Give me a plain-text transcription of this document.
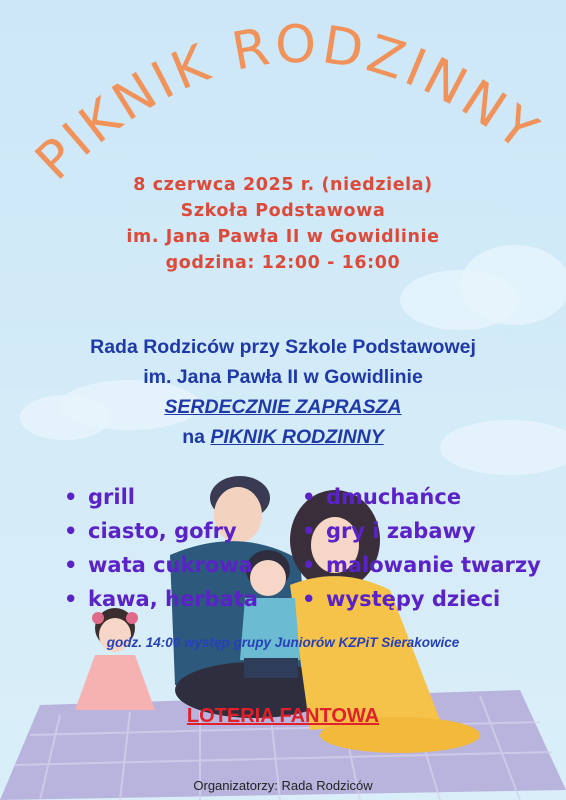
PIKNIK RODZINNY
8 czerwca 2025 r. (niedziela)
Szkoła Podstawowa
im. Jana Pawła II w Gowidlinie
godzina: 12:00 - 16:00
Rada Rodziców przy Szkole Podstawowej
im. Jana Pawła II w Gowidlinie
SERDECZNIE ZAPRASZA
na PIKNIK RODZINNY
• grill
• ciasto, gofry
• wata cukrowa
• kawa, herbata
• dmuchańce
• gry i zabawy
• malowanie twarzy
• występy dzieci
godz. 14:00 występ grupy Juniorów KZPiT Sierakowice
LOTERIA FANTOWA
Organizatorzy: Rada Rodziców
